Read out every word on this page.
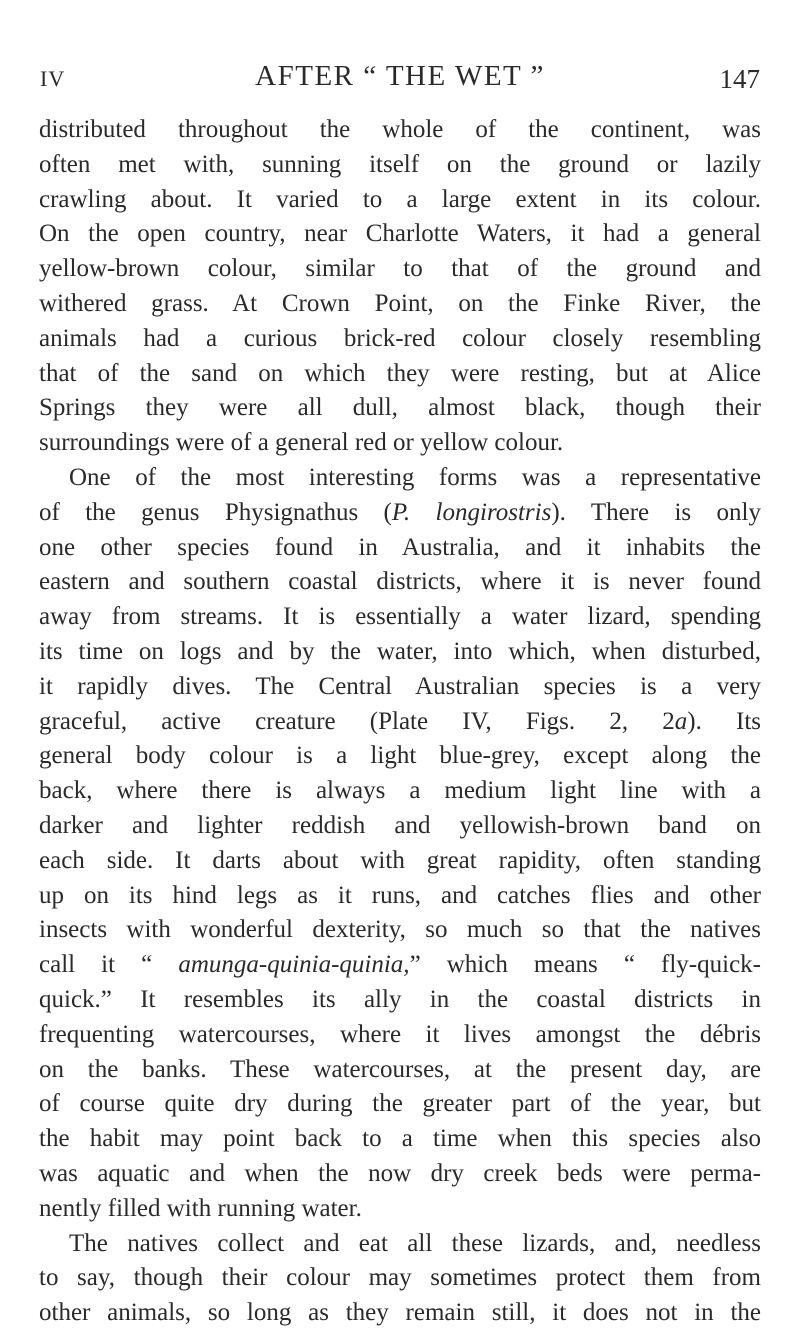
IV	AFTER “ THE WET ”	147
distributed throughout the whole of the continent, was
often met with, sunning itself on the ground or lazily
crawling about. It varied to a large extent in its colour.
On the open country, near Charlotte Waters, it had a general
yellow-brown colour, similar to that of the ground and
withered grass. At Crown Point, on the Finke River, the
animals had a curious brick-red colour closely resembling
that of the sand on which they were resting, but at Alice
Springs they were all dull, almost black, though their
surroundings were of a general red or yellow colour.
One of the most interesting forms was a representative
of the genus Physignathus (P. longirostris). There is only
one other species found in Australia, and it inhabits the
eastern and southern coastal districts, where it is never found
away from streams. It is essentially a water lizard, spending
its time on logs and by the water, into which, when disturbed,
it rapidly dives. The Central Australian species is a very
graceful, active creature (Plate IV, Figs. 2, 2a). Its
general body colour is a light blue-grey, except along the
back, where there is always a medium light line with a
darker and lighter reddish and yellowish-brown band on
each side. It darts about with great rapidity, often standing
up on its hind legs as it runs, and catches flies and other
insects with wonderful dexterity, so much so that the natives
call it “ amunga-quinia-quinia,” which means “ fly-quick-
quick.” It resembles its ally in the coastal districts in
frequenting watercourses, where it lives amongst the débris
on the banks. These watercourses, at the present day, are
of course quite dry during the greater part of the year, but
the habit may point back to a time when this species also
was aquatic and when the now dry creek beds were perma-
nently filled with running water.
The natives collect and eat all these lizards, and, needless
to say, though their colour may sometimes protect them from
other animals, so long as they remain still, it does not in the
